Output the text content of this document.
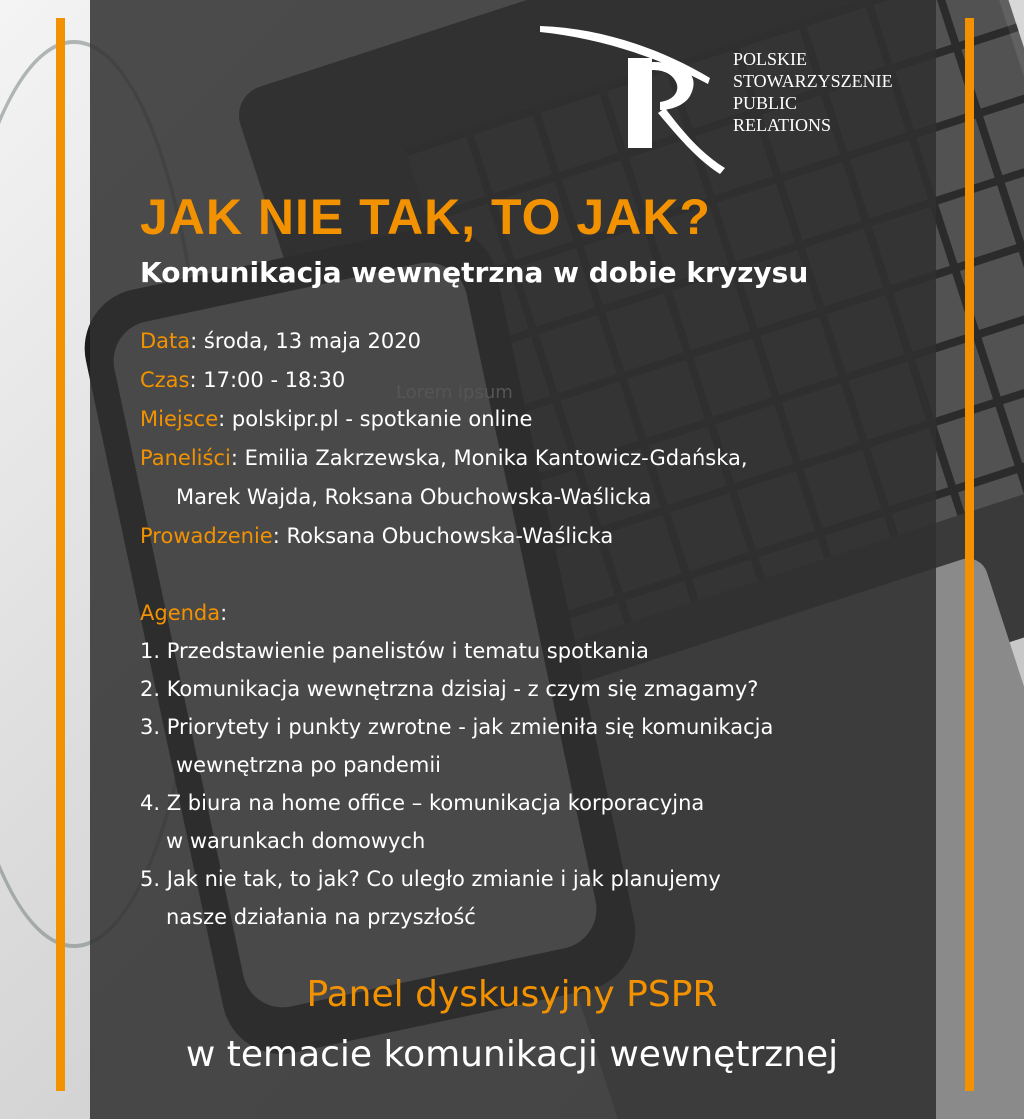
POLSKIE
STOWARZYSZENIE
PUBLIC
RELATIONS
JAK NIE TAK, TO JAK?
Komunikacja wewnętrzna w dobie kryzysu
Lorem ipsum
Data: środa, 13 maja 2020
Czas: 17:00 - 18:30
Miejsce: polskipr.pl - spotkanie online
Paneliści: Emilia Zakrzewska, Monika Kantowicz-Gdańska,
Marek Wajda, Roksana Obuchowska-Waślicka
Prowadzenie: Roksana Obuchowska-Waślicka
Agenda:
1. Przedstawienie panelistów i tematu spotkania
2. Komunikacja wewnętrzna dzisiaj - z czym się zmagamy?
3. Priorytety i punkty zwrotne - jak zmieniła się komunikacja
wewnętrzna po pandemii
4. Z biura na home office – komunikacja korporacyjna
w warunkach domowych
5. Jak nie tak, to jak? Co uległo zmianie i jak planujemy
nasze działania na przyszłość
Panel dyskusyjny PSPR
w temacie komunikacji wewnętrznej
